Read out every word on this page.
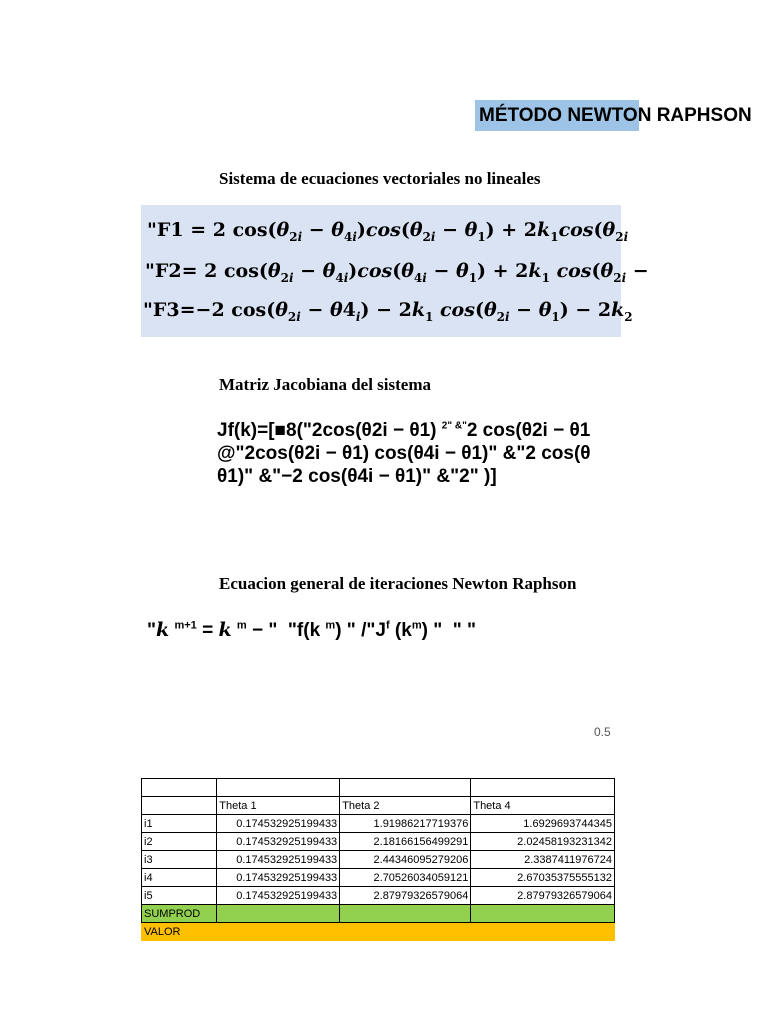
MÉTODO NEWTON RAPHSON
Sistema de ecuaciones vectoriales no lineales
"F1 = 2 $\cos(\theta_{2i} - \theta_{4i})\cos(\theta_{2i} - \theta_1) + 2k_1\cos(\theta_{2i}$
"F2= 2 $\cos(\theta_{2i} - \theta_{4i})\cos(\theta_{4i} - \theta_1) + 2k_1$ $\cos(\theta_{2i}$ −
"F3=−2 $\cos(\theta_{2i} - \theta 4_i) - 2k_1$ $\cos(\theta_{2i} - \theta_1) - 2k_2$
Matriz Jacobiana del sistema
Jf(k)=[■8("2cos(θ2i − θ1) $^{2" \&"}$2 cos(θ2i − θ1
@"2cos(θ2i − θ1) cos(θ4i − θ1)" &"2 cos(θ
θ1)" &"−2 cos(θ4i − θ1)" &"2" )]
Ecuacion general de iteraciones Newton Raphson
"k $^{m+1}$ = k $^m$ − "  "f(k $^m$) " $/"J^f$ $(k^m)$ "  " "
0.5

	Theta 1	Theta 2	Theta 4
i1	0.174532925199433	1.91986217719376	1.6929693744345
i2	0.174532925199433	2.18166156499291	2.02458193231342
i3	0.174532925199433	2.44346095279206	2.3387411976724
i4	0.174532925199433	2.70526034059121	2.67035375555132
i5	0.174532925199433	2.87979326579064	2.87979326579064
SUMPROD			
VALOR			
